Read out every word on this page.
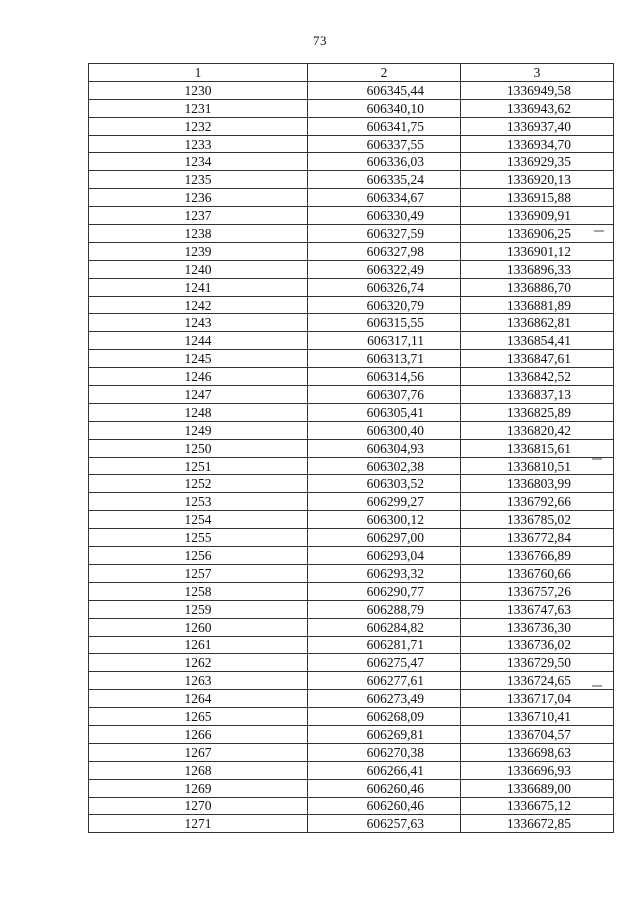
73
1	2	3
1230	606345,44	1336949,58
1231	606340,10	1336943,62
1232	606341,75	1336937,40
1233	606337,55	1336934,70
1234	606336,03	1336929,35
1235	606335,24	1336920,13
1236	606334,67	1336915,88
1237	606330,49	1336909,91
1238	606327,59	1336906,25
1239	606327,98	1336901,12
1240	606322,49	1336896,33
1241	606326,74	1336886,70
1242	606320,79	1336881,89
1243	606315,55	1336862,81
1244	606317,11	1336854,41
1245	606313,71	1336847,61
1246	606314,56	1336842,52
1247	606307,76	1336837,13
1248	606305,41	1336825,89
1249	606300,40	1336820,42
1250	606304,93	1336815,61
1251	606302,38	1336810,51
1252	606303,52	1336803,99
1253	606299,27	1336792,66
1254	606300,12	1336785,02
1255	606297,00	1336772,84
1256	606293,04	1336766,89
1257	606293,32	1336760,66
1258	606290,77	1336757,26
1259	606288,79	1336747,63
1260	606284,82	1336736,30
1261	606281,71	1336736,02
1262	606275,47	1336729,50
1263	606277,61	1336724,65
1264	606273,49	1336717,04
1265	606268,09	1336710,41
1266	606269,81	1336704,57
1267	606270,38	1336698,63
1268	606266,41	1336696,93
1269	606260,46	1336689,00
1270	606260,46	1336675,12
1271	606257,63	1336672,85
